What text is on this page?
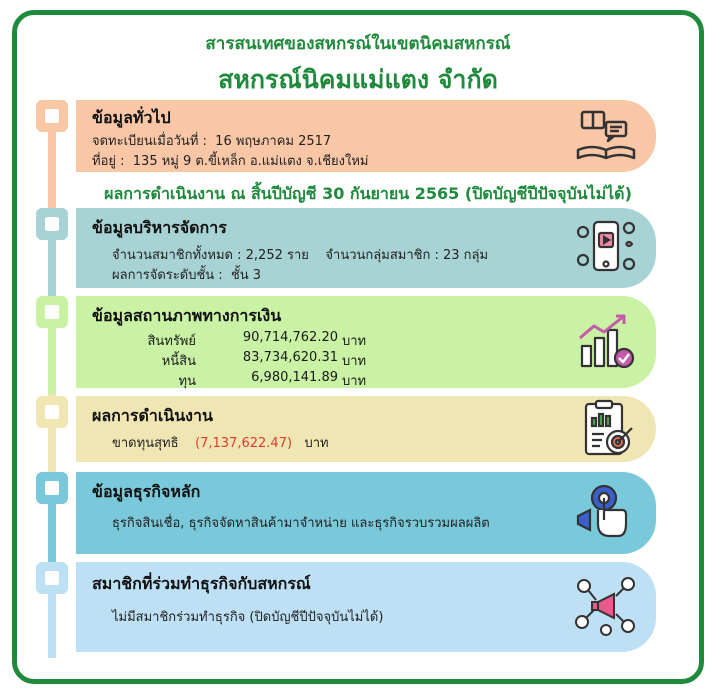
สารสนเทศของสหกรณ์ในเขตนิคมสหกรณ์
สหกรณ์นิคมแม่แตง จำกัด
ข้อมูลทั่วไป
จดทะเบียนเมื่อวันที่ : 16 พฤษภาคม 2517
ที่อยู่ : 135 หมู่ 9 ต.ขี้เหล็ก อ.แม่แตง จ.เชียงใหม่
ผลการดำเนินงาน ณ สิ้นปีบัญชี 30 กันยายน 2565 (ปิดบัญชีปีปัจจุบันไม่ได้)
ข้อมูลบริหารจัดการ
จำนวนสมาชิกทั้งหมด : 2,252 ราย จำนวนกลุ่มสมาชิก : 23 กลุ่ม
ผลการจัดระดับชั้น : ชั้น 3
ข้อมูลสถานภาพทางการเงิน
สินทรัพย์	90,714,762.20 บาท
หนี้สิน	83,734,620.31 บาท
ทุน	6,980,141.89 บาท
ผลการดำเนินงาน
ขาดทุนสุทธิ (7,137,622.47) บาท
ข้อมูลธุรกิจหลัก
ธุรกิจสินเชื่อ, ธุรกิจจัดหาสินค้ามาจำหน่าย และธุรกิจรวบรวมผลผลิต
สมาชิกที่ร่วมทำธุรกิจกับสหกรณ์
ไม่มีสมาชิกร่วมทำธุรกิจ (ปิดบัญชีปีปัจจุบันไม่ได้)
